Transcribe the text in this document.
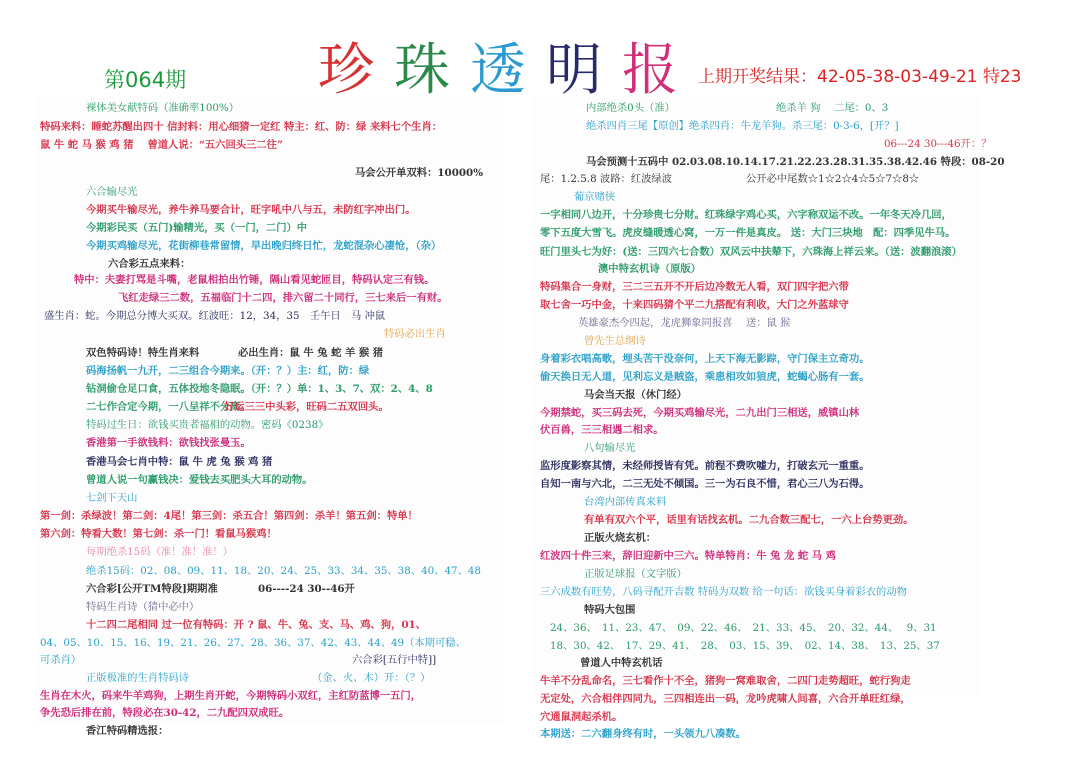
珍 珠 透 明 报
第064期	上期开奖结果：42-05-38-03-49-21 特23
裸体美女献特码（准确率100%）
特码来料：睡蛇苏醒出四十 信封料：用心细猜一定红 特主：红、防：绿 来料七个生肖：
鼠 牛 蛇 马 猴 鸡 猪　 曾道人说：“五六回头三二往”
马会公开单双料：10000%
六合输尽光
今期买牛输尽光，养牛养马要合计，旺字吼中八与五，未防红字冲出门。
今期彩民买（五门)输精光，买（一门，二门）中
今期买鸡输尽光，花街柳巷常留情，早出晚归终日忙，龙蛇混杂心凄怆，（杂）
六合彩五点来料：
特中：夫妻打骂是斗嘴，老鼠相拍出竹锤，隔山看见蛇匝目，特码认定三有钱。
飞红走绿三二数，五福临门十二四，排六留二十同行，三七来后一有财。
盛生肖：蛇。今期总分博大买双。红波旺：12，34，35　壬午日　马 冲鼠
特码必出生肖
双色特码诗！特生肖来料	必出生肖：鼠 牛 兔 蛇 羊 猴 猪
码海扬帆一九开，二三组合今期来。（开：？）主：红，防：绿
钻洞偷仓足口食，五体投地冬隐眠。（开：？）单：1、3、7、双：2、4、8
二七作合定今期，一八呈祥不分离。
好运三三中头彩，旺码二五双回头。
特码过生日：欲钱买贵者福相的动物。密码《0238》
香港第一手欲钱料：欲钱找张曼玉。
香港马会七肖中特：鼠 牛 虎 兔 猴 鸡 猪
曾道人说一句赢钱决：爱钱去买肥头大耳的动物。
七剑下天山
第一剑：杀绿波！第二剑：4尾！第三剑：杀五合！第四剑：杀羊！第五剑：特单！
第六剑：特看大数！第七剑：杀一门！看鼠马猴鸡！
每期绝杀15码（准！准！准！）
绝杀15码：02、08、09、11、18、20、24、25、33、34、35、38、40、47、48
六合彩[公开TM特段]期期准	06----24 30--46开
特码生肖诗（猜中必中）
十二四二尾相同 过一位有特码：开 ? 鼠、牛、兔、支、马、鸡、狗，01、
04、05、10、15、16、19、21、26、27、28、36、37、42、43、44、49（本期可稳、
可杀肖）	六合彩[五行中特]]
正版极准的生肖特码诗	（金、火、木）开：（？）
生肖在木火，码来牛羊鸡狗，上期生肖开蛇，今期特码小双红，主红防蓝博一五门，
争先恐后排在前，特段必在30-42，二九配四双成旺。
香江特码精选报：
内部绝杀0头（准）	绝杀羊 狗　 二尾：0、3
绝杀四肖三尾【原创】绝杀四肖：牛龙羊狗。杀三尾：0-3-6，[开？]
06---24 30---46开：？
马会预测十五码中 02.03.08.10.14.17.21.22.23.28.31.35.38.42.46 特段：08-20
尾：1.2.5.8 波路：红波绿波	公开必中尾数☆1☆2☆4☆5☆7☆8☆
葡京赌侠
一字相同八边开，十分珍贵七分财。红珠绿字鸡心买，六字称双运不改。一年冬天冷几回，
零下五度大雪飞。虎皮缝暖透心窝，一万一件是真皮。 送：大门三块地　配：四季见牛马。
旺门里头七为好：(送：三四六七合数）双风云中扶辇下，六珠海上祥云来。（送：波翻浪滚）
澳中特玄机诗（原版）
特码集合一身财，三二三五开不开后边冷数无人看，双门四字把六带
取七舍一巧中金，十来四码猜个平二九搭配有利收，大门之外蓝球守
英雄豪杰今四起，龙虎狮象同报喜　 送：鼠 猴
曾先生总纲诗
身着彩衣唱高歌，埋头苦干没奈何，上天下海无影踪，守门保主立奇功。
偷天换日无人道，见利忘义是贼盗，乘患相攻如狼虎，蛇蝎心肠有一套。
马会当天报（休门经）
今期禁蛇，买三码去死，今期买鸡输尽光，二九出门三相送，威镇山林
伏百兽，三三相遇二相求。
八句输尽光
监形度影察其情，未经师授皆有凭。前程不费吹嘘力，打破玄元一重重。
自知一南与六北，二三无处不倾国。三一为石良不惜，君心三八为石得。
台湾内部传真来料
有单有双六个平，话里有话找玄机。二九合数三配七，一六上台势更劲。
正版火烧玄机：
红波四十件三来，辞旧迎新中三六。特单特肖：牛 兔 龙 蛇 马 鸡
正版足球报（文字版）
三六成数有旺势，八码寻配开吉数 特码为双数 给一句话：欲钱买身着彩衣的动物
特码大包围
24、36、　11、23、47、　09、22、46、　21、33、45、　20、32、44、　 9、31
18、30、42、　17、29、41、　28、　03、15、39、　02、14、38、　13、25、37
曾道人中特玄机话
牛羊不分乱命名，三七看作十不全，猪狗一窝难取舍，二四门走势超旺，蛇行狗走
无定处，六合相伴四同九，三四相连出一码，龙吟虎啸人间喜，六合开单旺红绿，
穴通鼠洞起杀机。
本期送：二六翻身终有时，一头领九八凑数。
